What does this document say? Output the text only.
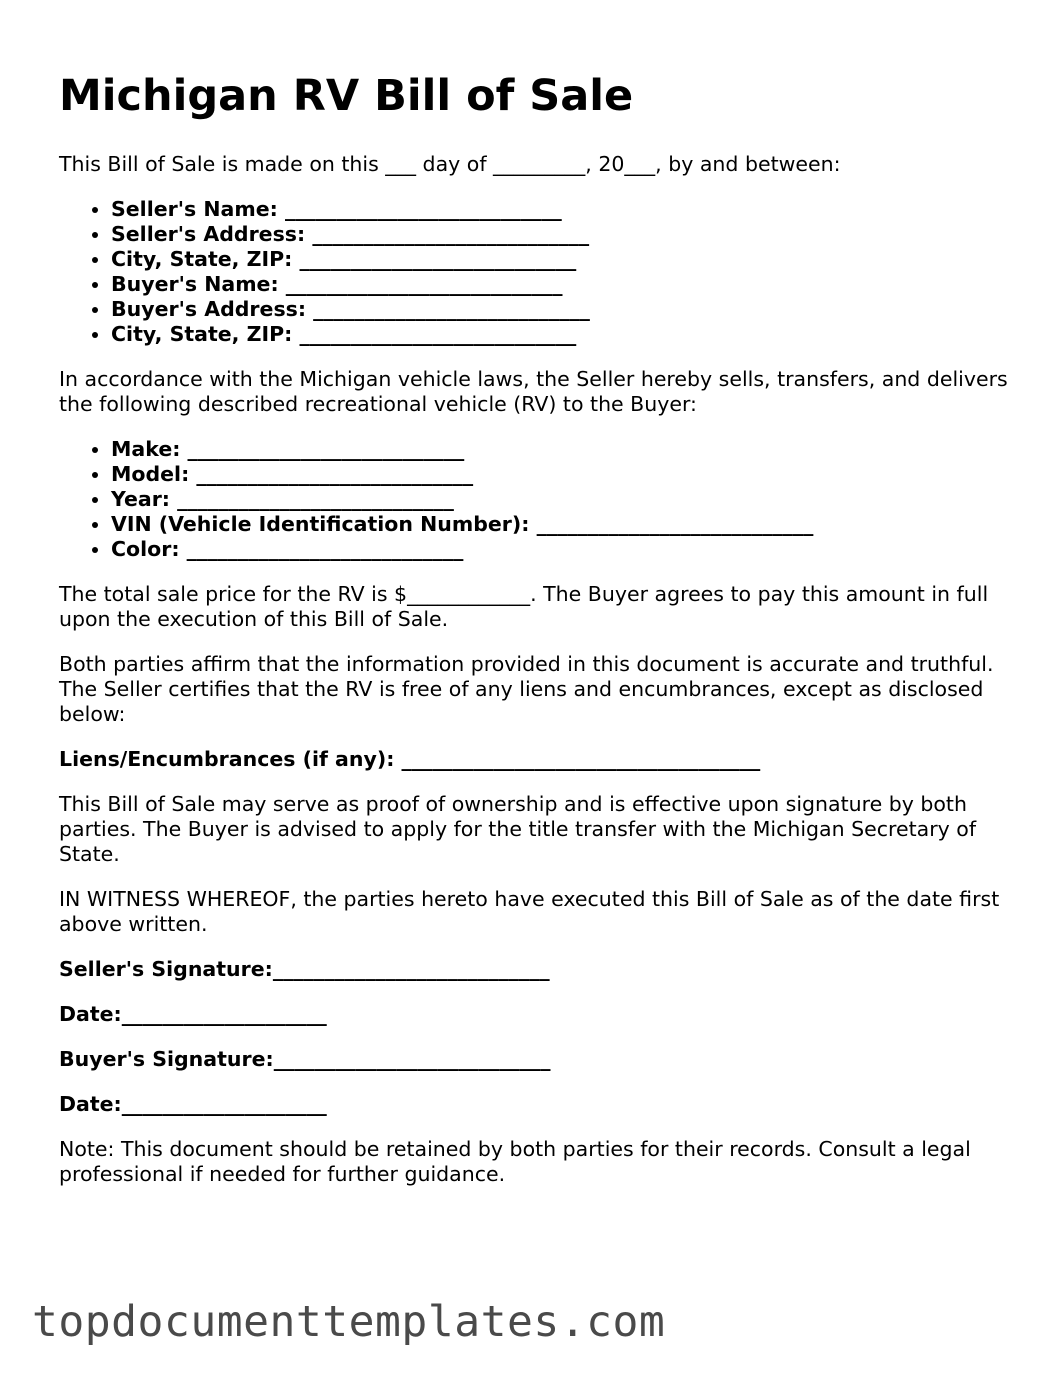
Michigan RV Bill of Sale

This Bill of Sale is made on this ___ day of _________, 20___, by and between:

• Seller's Name: ___________________________
• Seller's Address: ___________________________
• City, State, ZIP: ___________________________
• Buyer's Name: ___________________________
• Buyer's Address: ___________________________
• City, State, ZIP: ___________________________

In accordance with the Michigan vehicle laws, the Seller hereby sells, transfers, and delivers the following described recreational vehicle (RV) to the Buyer:

• Make: ___________________________
• Model: ___________________________
• Year: ___________________________
• VIN (Vehicle Identification Number): ___________________________
• Color: ___________________________

The total sale price for the RV is $____________. The Buyer agrees to pay this amount in full upon the execution of this Bill of Sale.

Both parties affirm that the information provided in this document is accurate and truthful. The Seller certifies that the RV is free of any liens and encumbrances, except as disclosed below:

Liens/Encumbrances (if any): ___________________________________

This Bill of Sale may serve as proof of ownership and is effective upon signature by both parties. The Buyer is advised to apply for the title transfer with the Michigan Secretary of State.

IN WITNESS WHEREOF, the parties hereto have executed this Bill of Sale as of the date first above written.

Seller's Signature:___________________________

Date:____________________

Buyer's Signature:___________________________

Date:____________________

Note: This document should be retained by both parties for their records. Consult a legal professional if needed for further guidance.

topdocumenttemplates.com
